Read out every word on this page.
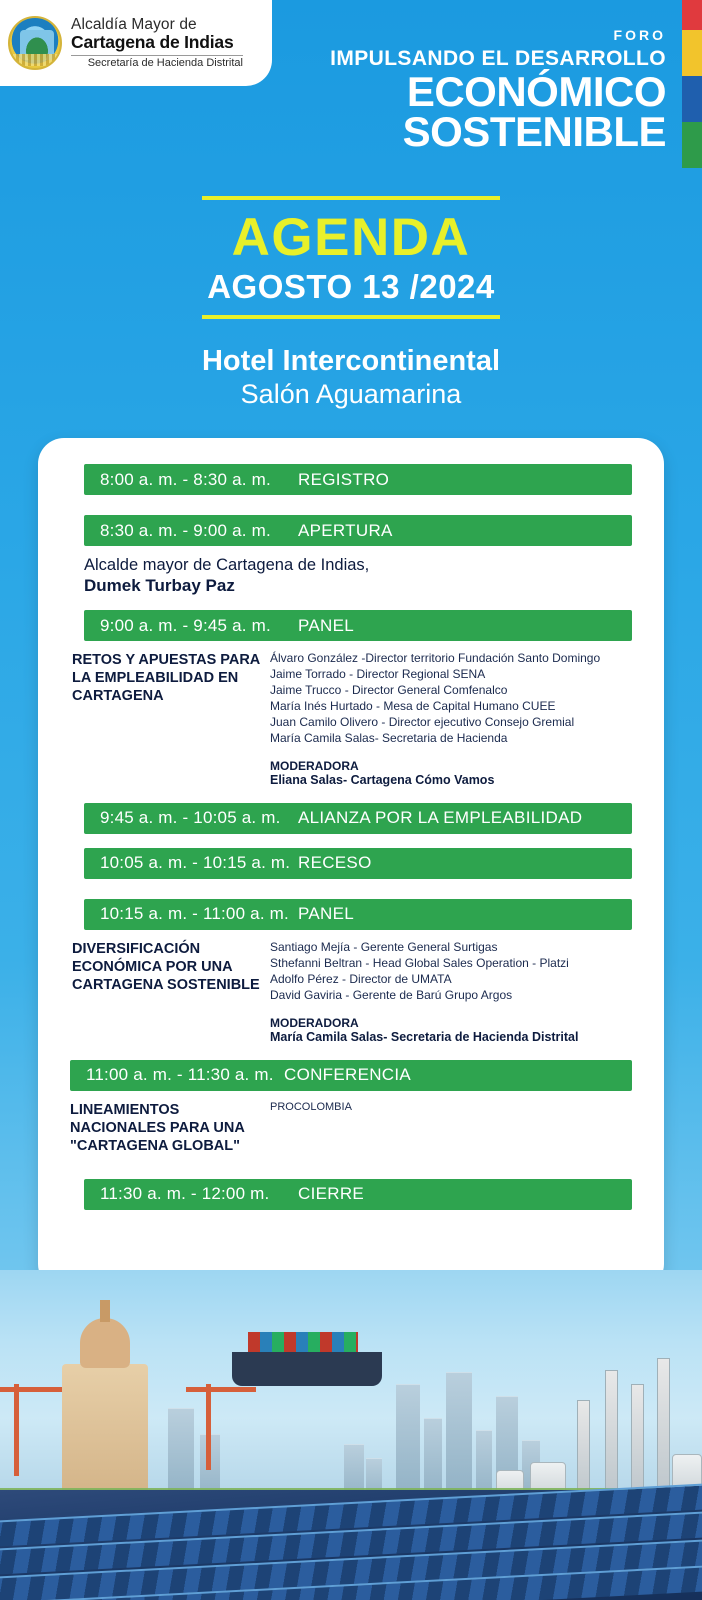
Alcaldía Mayor de
Cartagena de Indias
Secretaría de Hacienda Distrital
FORO
IMPULSANDO EL DESARROLLO
ECONÓMICO
SOSTENIBLE
AGENDA
AGOSTO 13 /2024
Hotel Intercontinental
Salón Aguamarina
8:00 a. m. - 8:30 a. m.	REGISTRO
8:30 a. m. - 9:00 a. m.	APERTURA
Alcalde mayor de Cartagena de Indias,
Dumek Turbay Paz
9:00 a. m. - 9:45 a. m.	PANEL
RETOS Y APUESTAS PARA LA EMPLEABILIDAD EN CARTAGENA
Álvaro González -Director territorio Fundación Santo Domingo
Jaime Torrado - Director Regional SENA
Jaime Trucco - Director General Comfenalco
María Inés Hurtado - Mesa de Capital Humano CUEE
Juan Camilo Olivero - Director ejecutivo Consejo Gremial
María Camila Salas- Secretaria de Hacienda
MODERADORA
Eliana Salas- Cartagena Cómo Vamos
9:45 a. m. - 10:05 a. m.	ALIANZA POR LA EMPLEABILIDAD
10:05 a. m. - 10:15 a. m. RECESO
10:15 a. m. - 11:00 a. m. PANEL
DIVERSIFICACIÓN ECONÓMICA POR UNA CARTAGENA SOSTENIBLE
Santiago Mejía - Gerente General Surtigas
Sthefanni Beltran - Head Global Sales Operation - Platzi
Adolfo Pérez - Director de UMATA
David Gaviria - Gerente de Barú Grupo Argos
MODERADORA
María Camila Salas- Secretaria de Hacienda Distrital
11:00 a. m. - 11:30 a. m. CONFERENCIA
LINEAMIENTOS NACIONALES PARA UNA "CARTAGENA GLOBAL"
PROCOLOMBIA
11:30 a. m. - 12:00 m.	CIERRE
